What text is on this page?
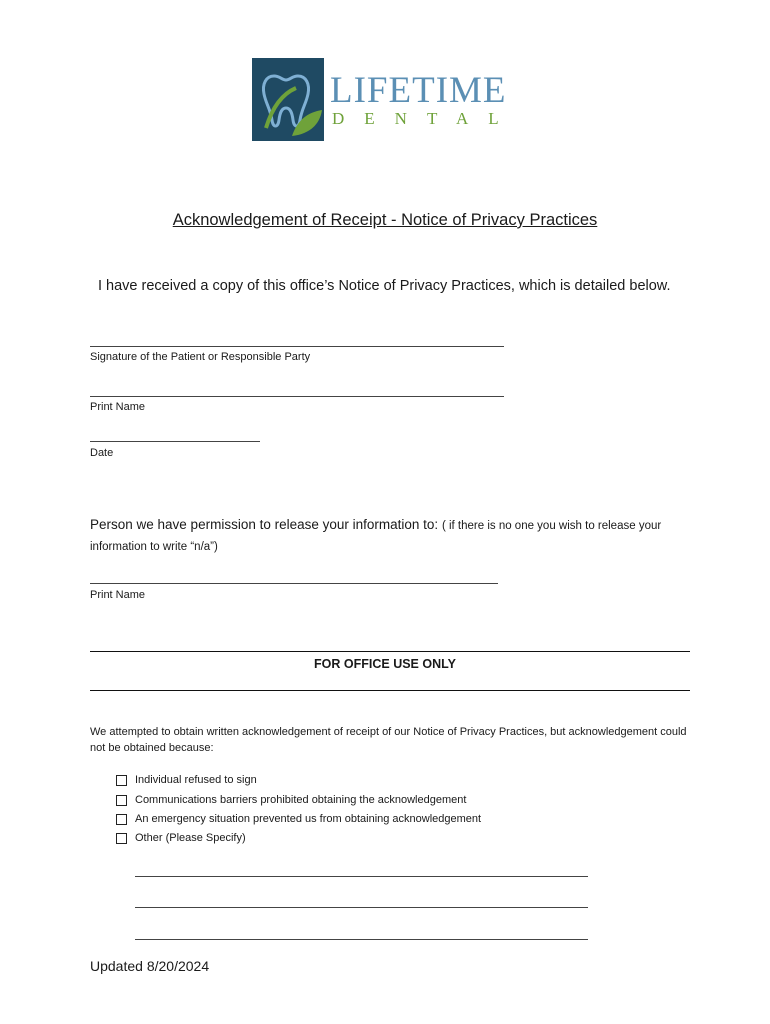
LIFETIME
DENTAL
Acknowledgement of Receipt - Notice of Privacy Practices
I have received a copy of this office’s Notice of Privacy Practices, which is detailed below.
Signature of the Patient or Responsible Party
Print Name
Date
Person we have permission to release your information to: ( if there is no one you wish to release your
information to write “n/a”)
Print Name
FOR OFFICE USE ONLY
We attempted to obtain written acknowledgement of receipt of our Notice of Privacy Practices, but acknowledgement could not be obtained because:
Individual refused to sign
Communications barriers prohibited obtaining the acknowledgement
An emergency situation prevented us from obtaining acknowledgement
Other (Please Specify)
Updated 8/20/2024
